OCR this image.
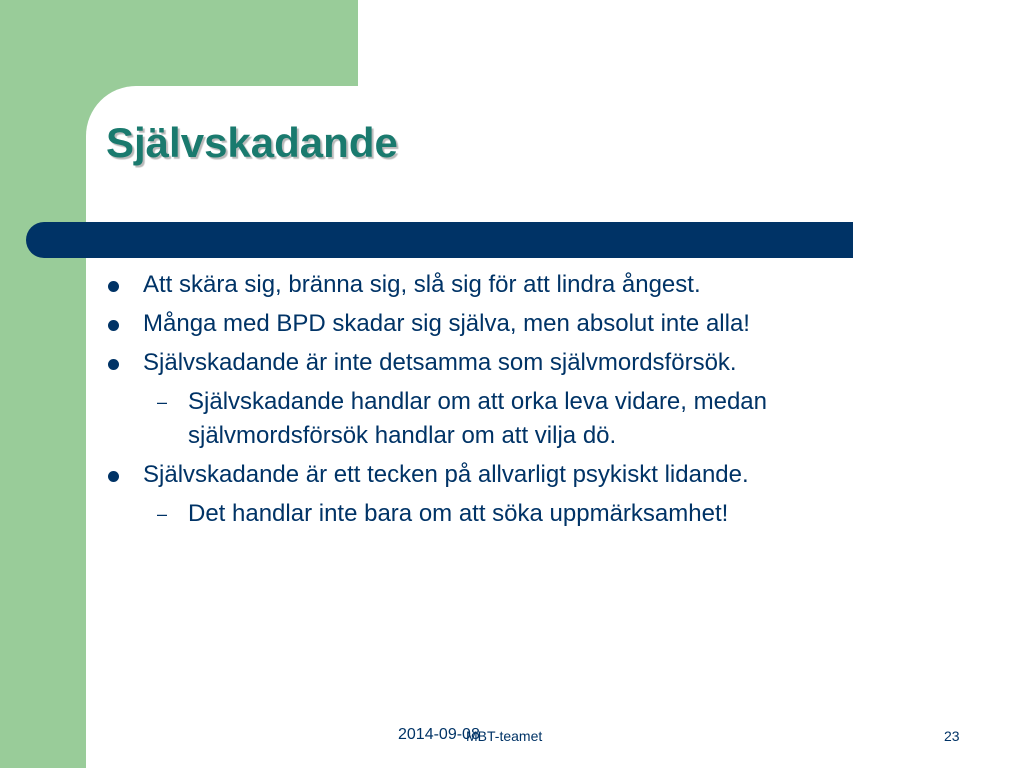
Självskadande
Att skära sig, bränna sig, slå sig för att lindra ångest.
Många med BPD skadar sig själva, men absolut inte alla!
Självskadande är inte detsamma som självmordsförsök.
– Självskadande handlar om att orka leva vidare, medan självmordsförsök handlar om att vilja dö.
Självskadande är ett tecken på allvarligt psykiskt lidande.
– Det handlar inte bara om att söka uppmärksamhet!
2014-09-08
MBT-teamet	23
